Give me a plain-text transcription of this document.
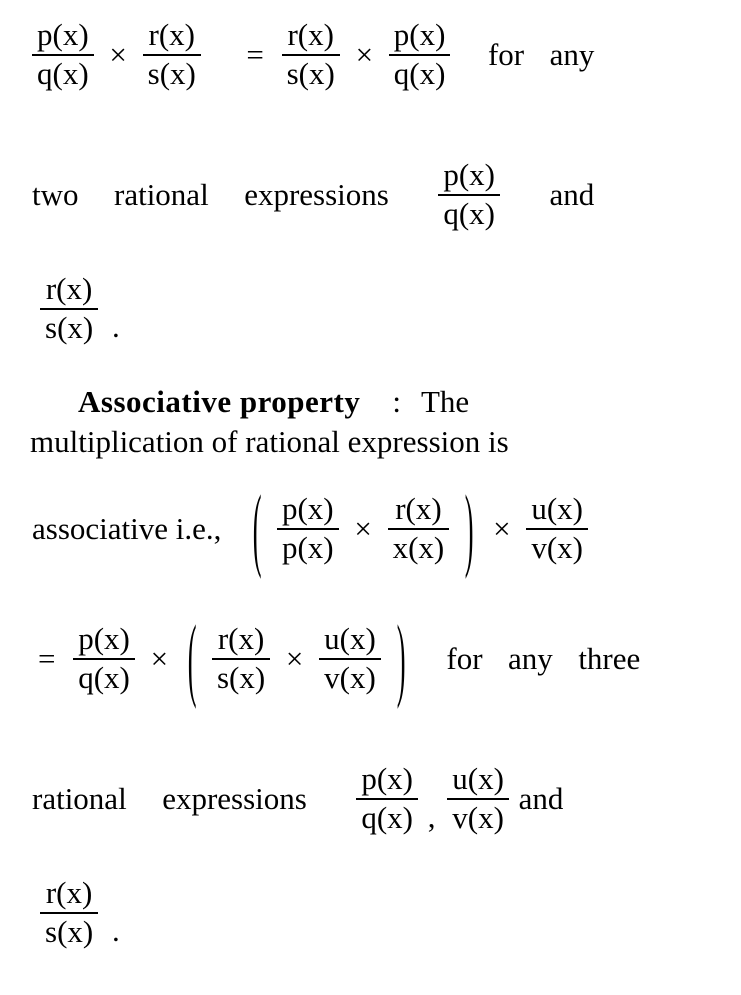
$\frac{p(x)}{q(x)} \times \frac{r(x)}{s(x)} = \frac{r(x)}{s(x)} \times \frac{p(x)}{q(x)}$ for any
two rational expressions $\frac{p(x)}{q(x)}$ and
$\frac{r(x)}{s(x)}$ .
Associative property : The
multiplication of rational expression is
associative i.e., ( $\frac{p(x)}{p(x)} \times \frac{r(x)}{x(x)}$ ) × $\frac{u(x)}{v(x)}$
= $\frac{p(x)}{q(x)}$ × ( $\frac{r(x)}{s(x)} \times \frac{u(x)}{v(x)}$ ) for any three
rational expressions $\frac{p(x)}{q(x)}$ , $\frac{u(x)}{v(x)}$ and
$\frac{r(x)}{s(x)}$ .
